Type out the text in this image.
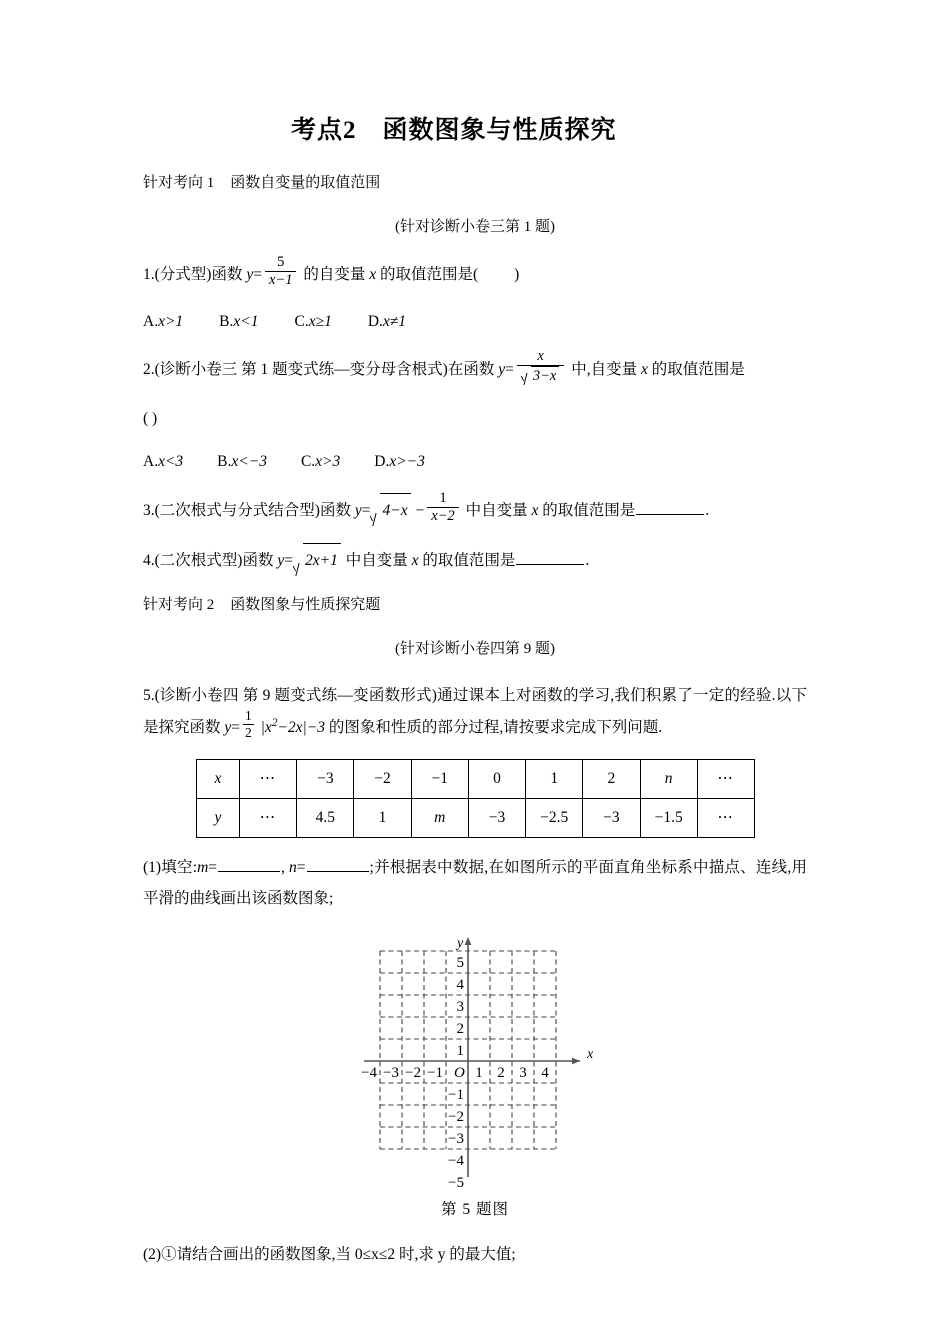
考点2 函数图象与性质探究
针对考向 1 函数自变量的取值范围
(针对诊断小卷三第 1 题)
1.(分式型)函数 $y= \frac{5}{x-1}$ 的自变量 x 的取值范围是( )
A.x>1 B.x<1 C.x≥1 D.x≠1
2.(诊断小卷三 第 1 题变式练—变分母含根式)在函数 $y= \frac{x}{3-x}$ 中,自变量 x 的取值范围是
( )
A.x<3 B.x<−3 C.x>3 D.x>−3
3.(二次根式与分式结合型)函数 $y= 4-x - \frac{1}{x-2}$ 中自变量 x 的取值范围是	.
4.(二次根式型)函数 y= 2x+1 中自变量 x 的取值范围是	.
针对考向 2 函数图象与性质探究题
(针对诊断小卷四第 9 题)
5.(诊断小卷四 第 9 题变式练—变函数形式)通过课本上对函数的学习,我们积累了一定的经验.以下是探究函数 $y= \frac{1}{2} |x^2-2x|-3$ 的图象和性质的部分过程,请按要求完成下列问题.
x	⋯	−3	−2	−1	0	1	2	n	⋯
y	⋯	4.5	1	m	−3	−2.5	−3	−1.5	⋯
(1)填空:m=	, n=	;并根据表中数据,在如图所示的平面直角坐标系中描点、连线,用平滑的曲线画出该函数图象;
x
y
O
−4 −3 −2 −1 1 2 3 4
5
4
3
2
1
−1
−2
−3
−4
−5
第 5 题图
(2)①请结合画出的函数图象,当 0≤x≤2 时,求 y 的最大值;
